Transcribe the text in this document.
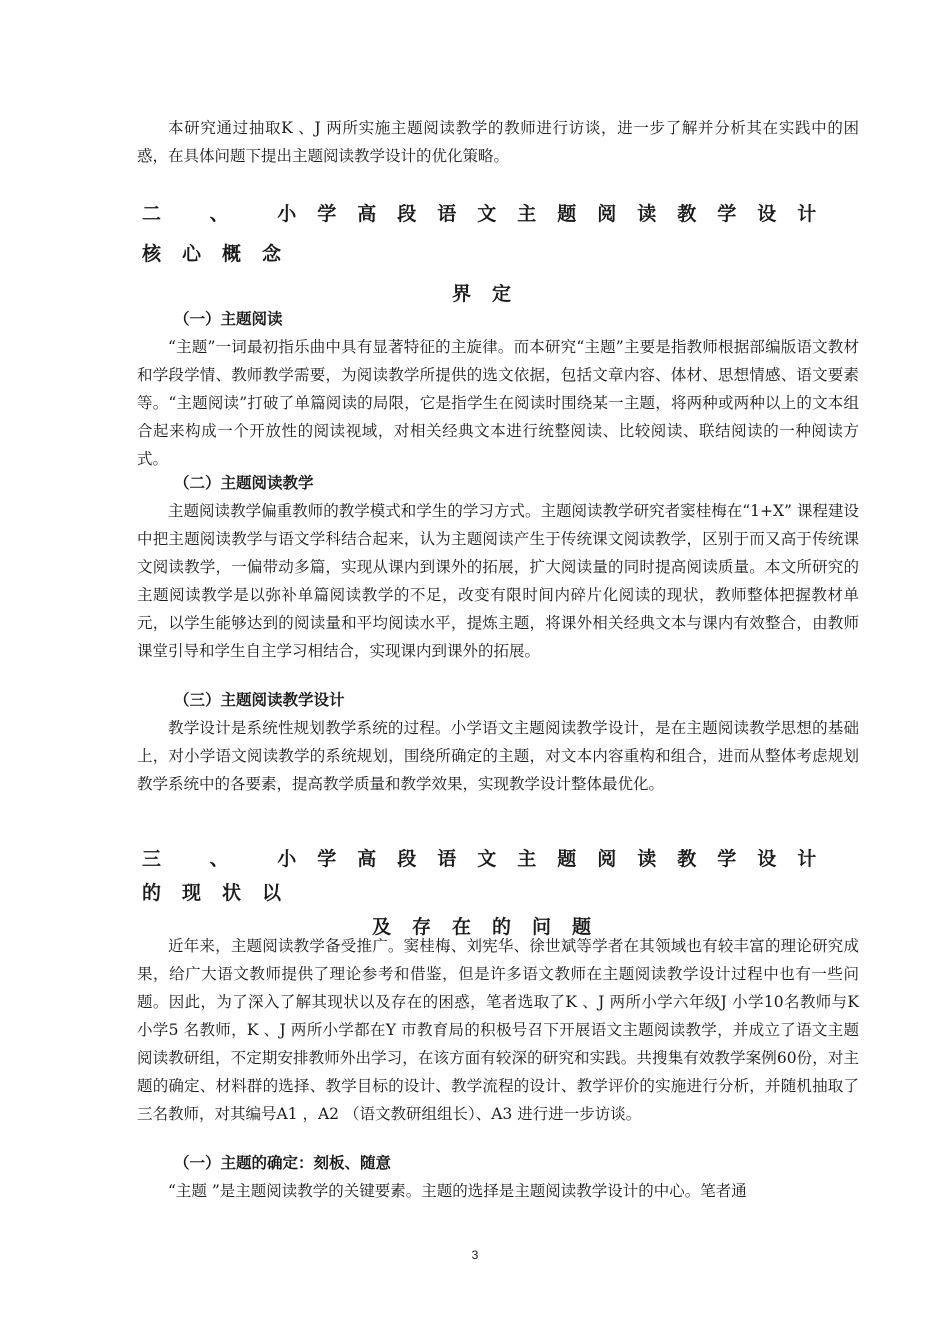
本研究通过抽取K 、J 两所实施主题阅读教学的教师进行访谈，进一步了解并分析其在实践中的困惑，在具体问题下提出主题阅读教学设计的优化策略。

二 、 小学高段语文主题阅读教学设计核心概念
界定

（一）主题阅读

“主题”一词最初指乐曲中具有显著特征的主旋律。而本研究“主题”主要是指教师根据部编版语文教材和学段学情、教师教学需要，为阅读教学所提供的选文依据，包括文章内容、体材、思想情感、语文要素等。“主题阅读”打破了单篇阅读的局限，它是指学生在阅读时围绕某一主题，将两种或两种以上的文本组合起来构成一个开放性的阅读视域，对相关经典文本进行统整阅读、比较阅读、联结阅读的一种阅读方式。

（二）主题阅读教学

主题阅读教学偏重教师的教学模式和学生的学习方式。主题阅读教学研究者窦桂梅在“1+X” 课程建设中把主题阅读教学与语文学科结合起来，认为主题阅读产生于传统课文阅读教学，区别于而又高于传统课文阅读教学，一偏带动多篇，实现从课内到课外的拓展，扩大阅读量的同时提高阅读质量。本文所研究的主题阅读教学是以弥补单篇阅读教学的不足，改变有限时间内碎片化阅读的现状，教师整体把握教材单元，以学生能够达到的阅读量和平均阅读水平，提炼主题，将课外相关经典文本与课内有效整合，由教师课堂引导和学生自主学习相结合，实现课内到课外的拓展。

（三）主题阅读教学设计

教学设计是系统性规划教学系统的过程。小学语文主题阅读教学设计，是在主题阅读教学思想的基础上，对小学语文阅读教学的系统规划，围绕所确定的主题，对文本内容重构和组合，进而从整体考虑规划教学系统中的各要素，提高教学质量和教学效果，实现教学设计整体最优化。

三 、 小学高段语文主题阅读教学设计的现状以
及存在的问题

近年来，主题阅读教学备受推广。窦桂梅、刘宪华、徐世斌等学者在其领域也有较丰富的理论研究成果，给广大语文教师提供了理论参考和借鉴，但是许多语文教师在主题阅读教学设计过程中也有一些问题。因此，为了深入了解其现状以及存在的困惑，笔者选取了K 、J 两所小学六年级J 小学10名教师与K 小学5 名教师，K 、J 两所小学都在Y 市教育局的积极号召下开展语文主题阅读教学，并成立了语文主题阅读教研组，不定期安排教师外出学习，在该方面有较深的研究和实践。共搜集有效教学案例60份，对主题的确定、材料群的选择、教学目标的设计、教学流程的设计、教学评价的实施进行分析，并随机抽取了三名教师，对其编号A1 ，A2 （语文教研组组长）、A3 进行进一步访谈。

（一）主题的确定：刻板、随意

“主题 ”是主题阅读教学的关键要素。主题的选择是主题阅读教学设计的中心。笔者通

3
